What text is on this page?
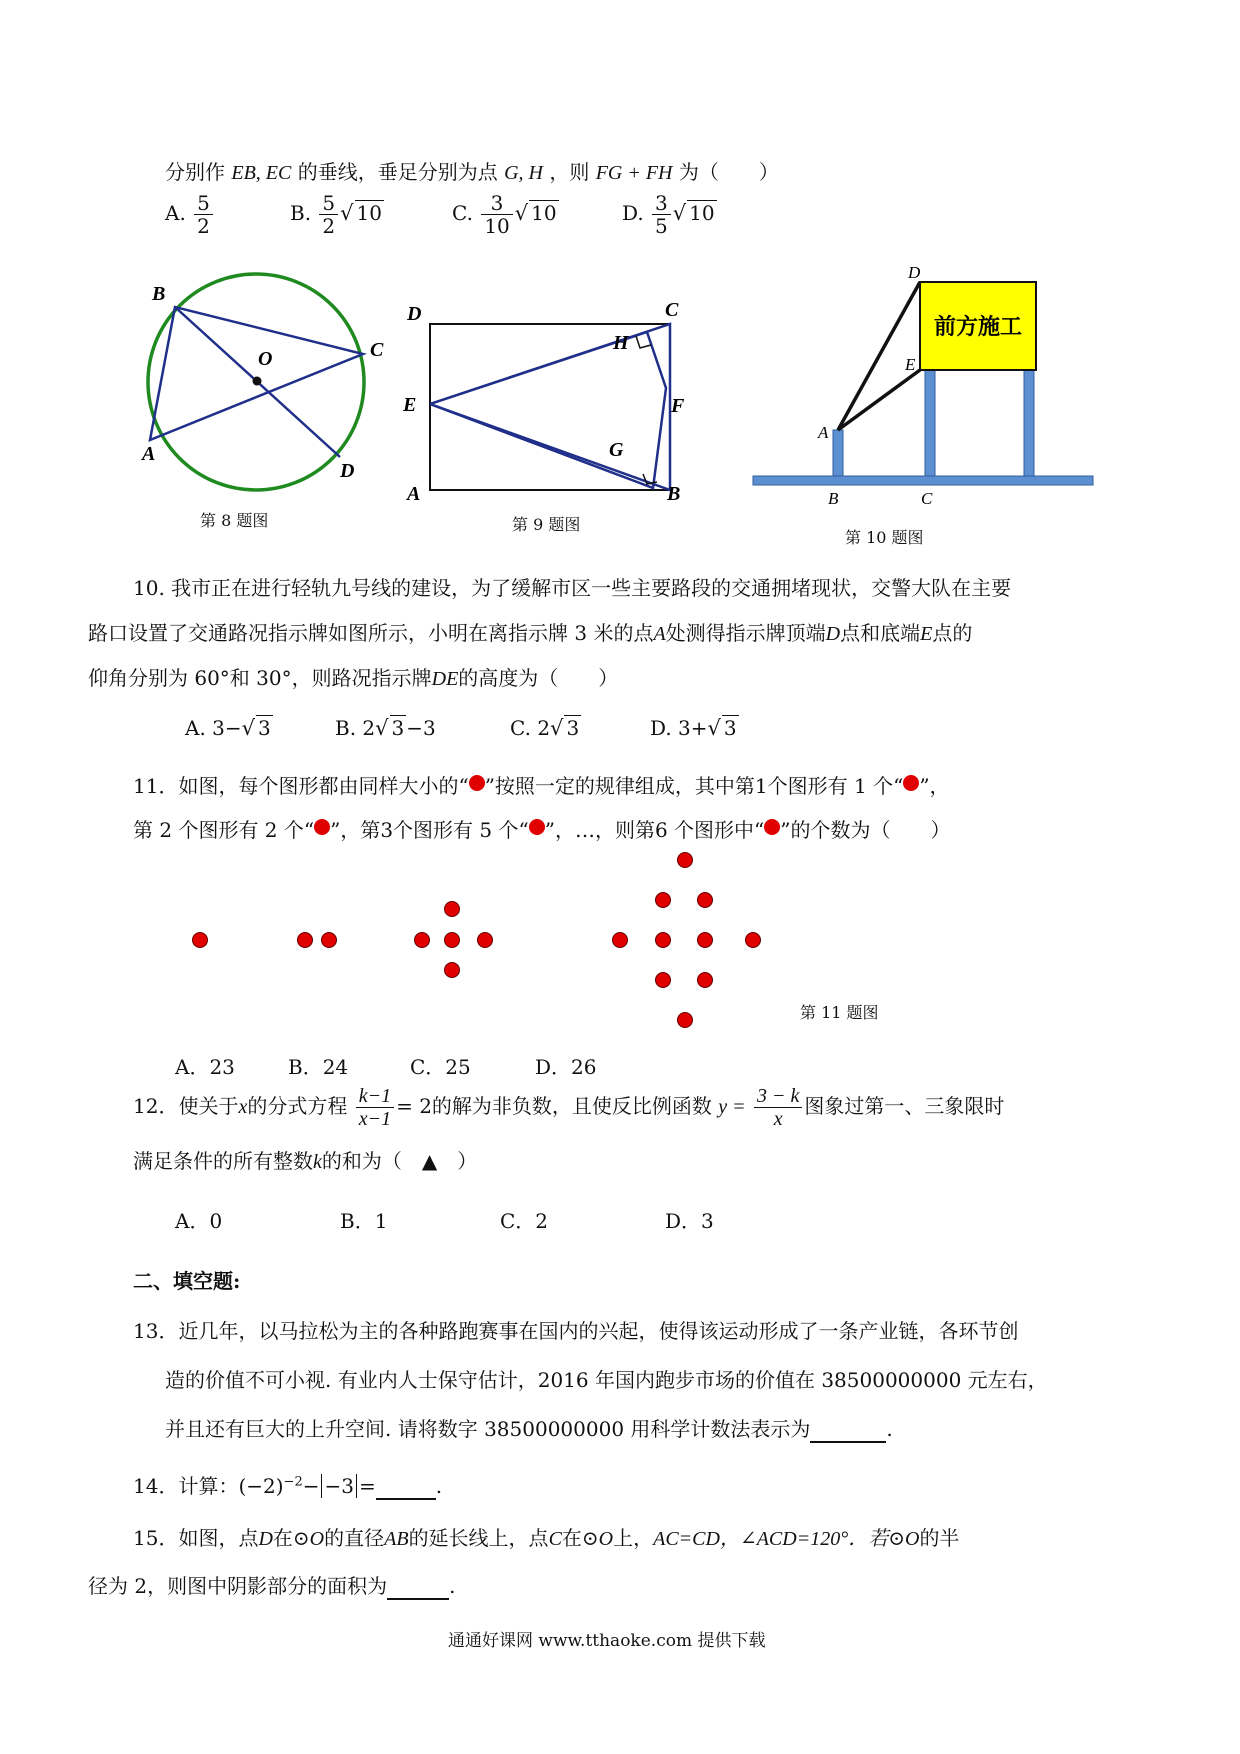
分别作 EB, EC 的垂线，垂足分别为点 G, H ，则 FG + FH 为（　　）
A. $\frac{5}{2}$	B. $\frac{5}{2}$ √ 10	C. $\frac{3}{10}$ √ 10	D. $\frac{3}{5}$ √ 10
B
C
O
A
D
第 8 题图
D	C
H
E	F
G
A	B
第 9 题图
前方施工
D
E
A
B	C
第 10 题图
10. 我市正在进行轻轨九号线的建设，为了缓解市区一些主要路段的交通拥堵现状，交警大队在主要
路口设置了交通路况指示牌如图所示，小明在离指示牌 3 米的点A处测得指示牌顶端D点和底端E点的
仰角分别为 60°和 30°，则路况指示牌DE的高度为（　　）
A. 3−√ 3	B. 2√ 3 −3	C. 2√ 3	D. 3+√ 3
11．如图，每个图形都由同样大小的“ ”按照一定的规律组成，其中第1个图形有 1 个“ ”，
第 2 个图形有 2 个“ ”，第3个图形有 5 个“ ”，…，则第6 个图形中“ ”的个数为（　　）
第 11 题图
A．23	B．24	C．25	D．26
12．使关于x的分式方程 $\frac{k-1}{x-1} = 2$的解为非负数，且使反比例函数 $y = \frac{3 - k}{x}$ 图象过第一、三象限时
满足条件的所有整数k的和为（　▲　）
A．0	B．1	C．2	D．3
二、填空题:
13．近几年，以马拉松为主的各种路跑赛事在国内的兴起，使得该运动形成了一条产业链，各环节创
造的价值不可小视. 有业内人士保守估计，2016 年国内跑步市场的价值在 38500000000 元左右，
并且还有巨大的上升空间. 请将数字 38500000000 用科学计数法表示为	.
14．计算：$(-2)^{-2}- -3$ =	.
15．如图，点D在⊙O的直径AB的延长线上，点C在⊙O上，AC=CD，∠ACD=120°．若⊙O的半
径为 2，则图中阴影部分的面积为	.
通通好课网 www.tthaoke.com 提供下载
